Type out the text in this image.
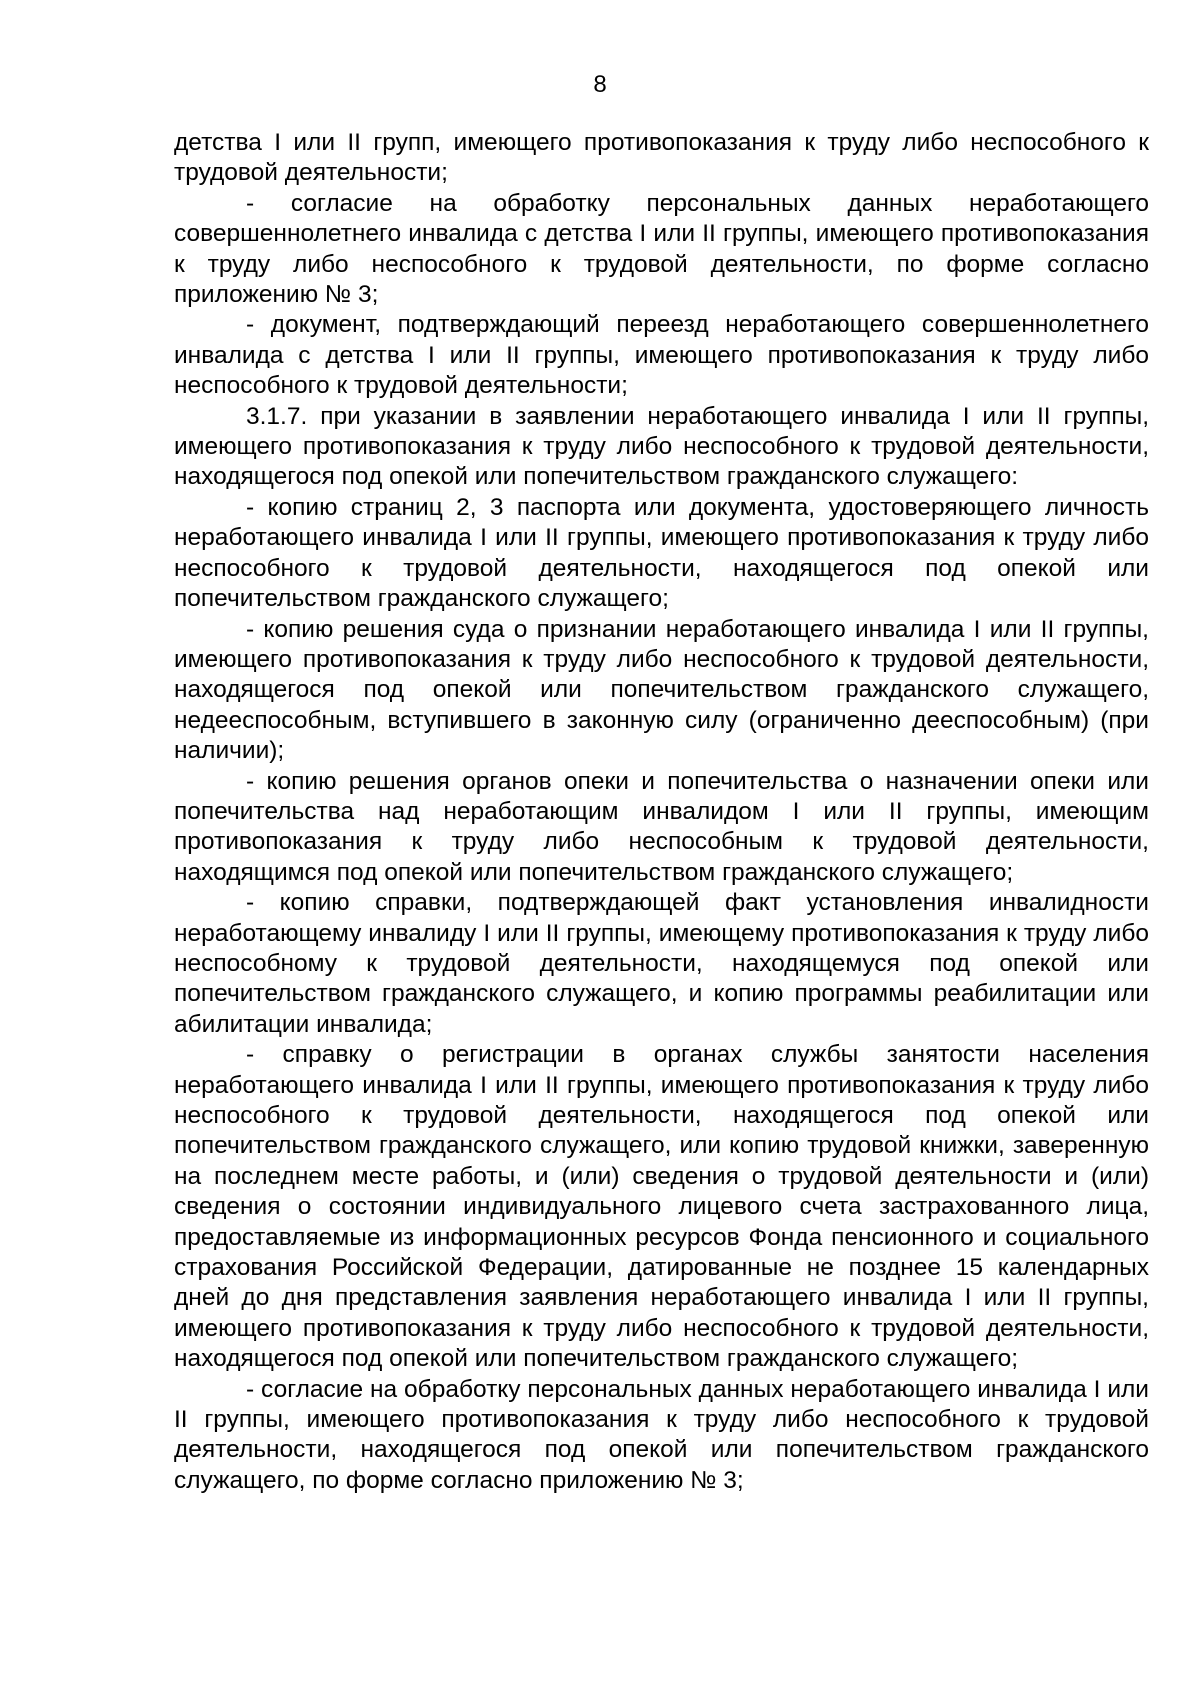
8

детства I или II групп, имеющего противопоказания к труду либо неспособного к трудовой деятельности;

- согласие на обработку персональных данных неработающего совершеннолетнего инвалида с детства I или II группы, имеющего противопоказания к труду либо неспособного к трудовой деятельности, по форме согласно приложению № 3;

- документ, подтверждающий переезд неработающего совершеннолетнего инвалида с детства I или II группы, имеющего противопоказания к труду либо неспособного к трудовой деятельности;

3.1.7. при указании в заявлении неработающего инвалида I или II группы, имеющего противопоказания к труду либо неспособного к трудовой деятельности, находящегося под опекой или попечительством гражданского служащего:

- копию страниц 2, 3 паспорта или документа, удостоверяющего личность неработающего инвалида I или II группы, имеющего противопоказания к труду либо неспособного к трудовой деятельности, находящегося под опекой или попечительством гражданского служащего;

- копию решения суда о признании неработающего инвалида I или II группы, имеющего противопоказания к труду либо неспособного к трудовой деятельности, находящегося под опекой или попечительством гражданского служащего, недееспособным, вступившего в законную силу (ограниченно дееспособным) (при наличии);

- копию решения органов опеки и попечительства о назначении опеки или попечительства над неработающим инвалидом I или II группы, имеющим противопоказания к труду либо неспособным к трудовой деятельности, находящимся под опекой или попечительством гражданского служащего;

- копию справки, подтверждающей факт установления инвалидности неработающему инвалиду I или II группы, имеющему противопоказания к труду либо неспособному к трудовой деятельности, находящемуся под опекой или попечительством гражданского служащего, и копию программы реабилитации или абилитации инвалида;

- справку о регистрации в органах службы занятости населения неработающего инвалида I или II группы, имеющего противопоказания к труду либо неспособного к трудовой деятельности, находящегося под опекой или попечительством гражданского служащего, или копию трудовой книжки, заверенную на последнем месте работы, и (или) сведения о трудовой деятельности и (или) сведения о состоянии индивидуального лицевого счета застрахованного лица, предоставляемые из информационных ресурсов Фонда пенсионного и социального страхования Российской Федерации, датированные не позднее 15 календарных дней до дня представления заявления неработающего инвалида I или II группы, имеющего противопоказания к труду либо неспособного к трудовой деятельности, находящегося под опекой или попечительством гражданского служащего;

- согласие на обработку персональных данных неработающего инвалида I или II группы, имеющего противопоказания к труду либо неспособного к трудовой деятельности, находящегося под опекой или попечительством гражданского служащего, по форме согласно приложению № 3;
